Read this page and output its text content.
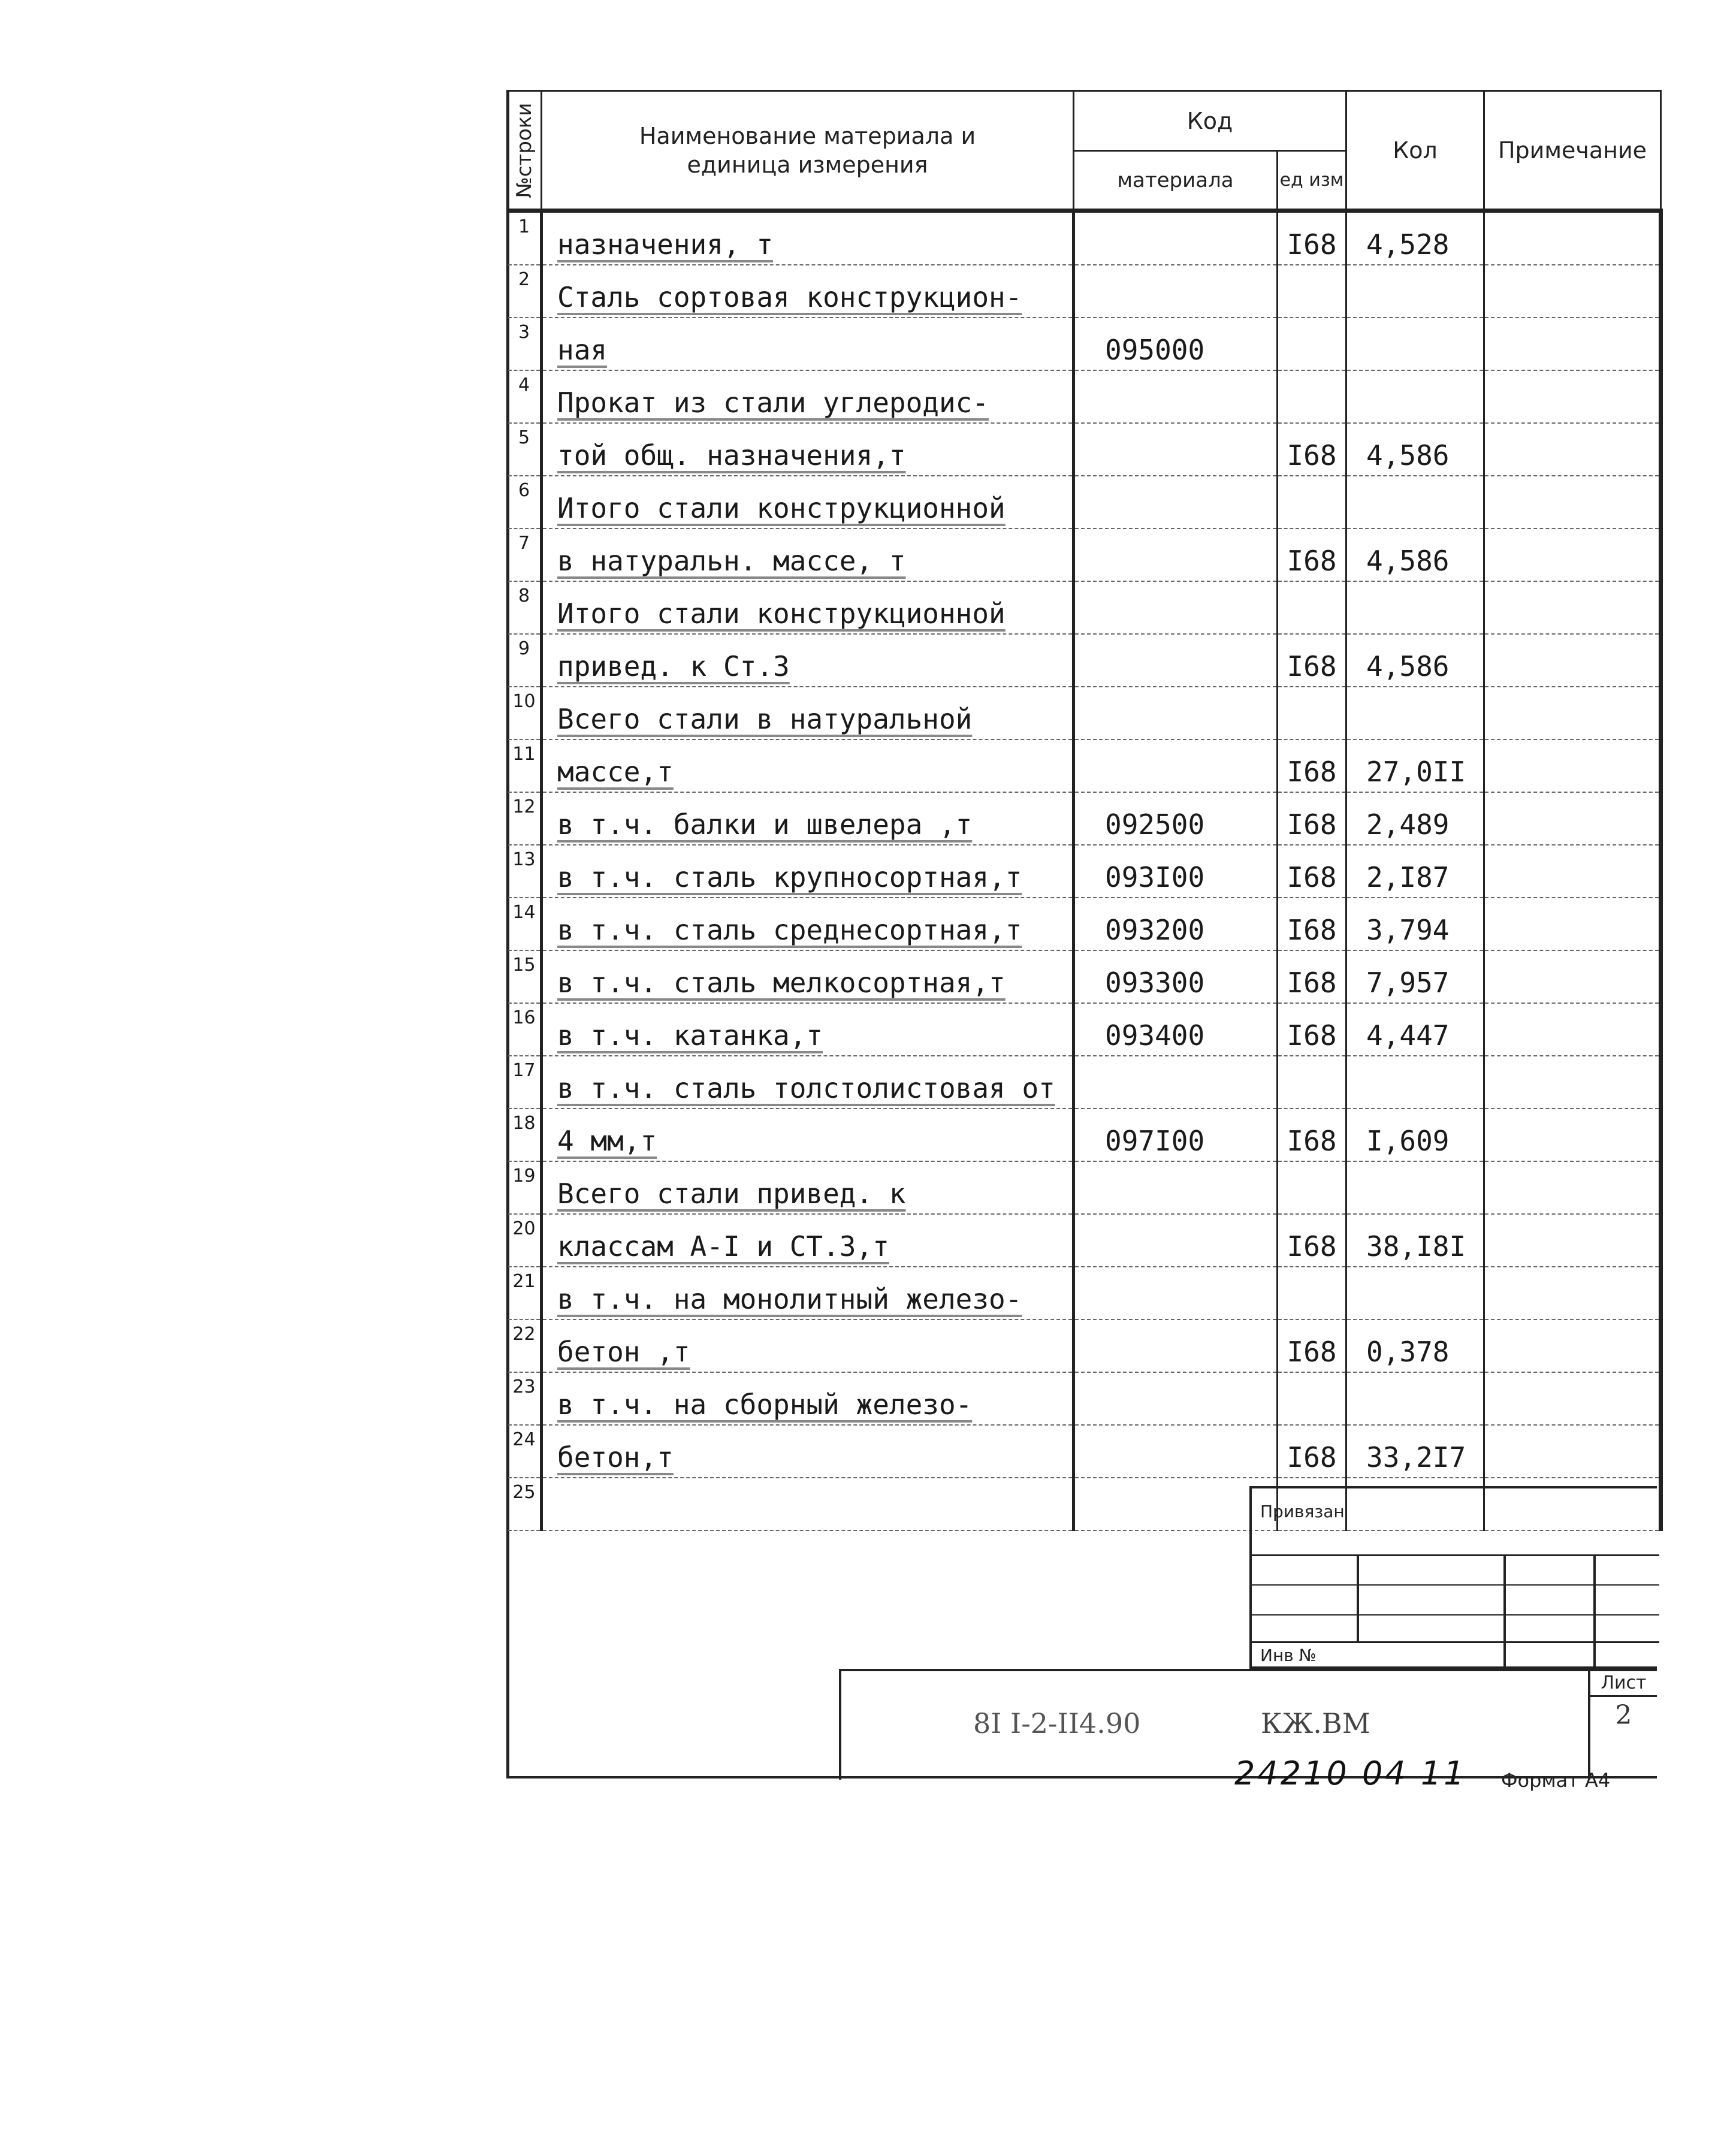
№строки	Наименование материала и единица измерения	Код		Кол	Примечание
		материала	ед изм		
1	назначения, т		I68	4,528	
2	Сталь сортовая конструкцион-				
3	ная	095000			
4	Прокат из стали углеродис-				
5	той общ. назначения,т		I68	4,586	
6	Итого стали конструкционной				
7	в натуральн. массе, т		I68	4,586	
8	Итого стали конструкционной				
9	привед. к Ст.3		I68	4,586	
10	Всего стали в натуральной				
11	массе,т		I68	27,0II	
12	в т.ч. балки и швелера ,т	092500	I68	2,489	
13	в т.ч. сталь крупносортная,т	093I00	I68	2,I87	
14	в т.ч. сталь среднесортная,т	093200	I68	3,794	
15	в т.ч. сталь мелкосортная,т	093300	I68	7,957	
16	в т.ч. катанка,т	093400	I68	4,447	
17	в т.ч. сталь толстолистовая от				
18	4 мм,т	097I00	I68	I,609	
19	Всего стали привед. к				
20	классам А-I и СТ.3,т		I68	38,I8I	
21	в т.ч. на монолитный железо-				
22	бетон ,т		I68	0,378	
23	в т.ч. на сборный железо-				
24	бетон,т		I68	33,2I7	
25					
Привязан
Инв №
8I I-2-II4.90	КЖ.ВМ
Лист
2
24210 04 11 Формат А4
